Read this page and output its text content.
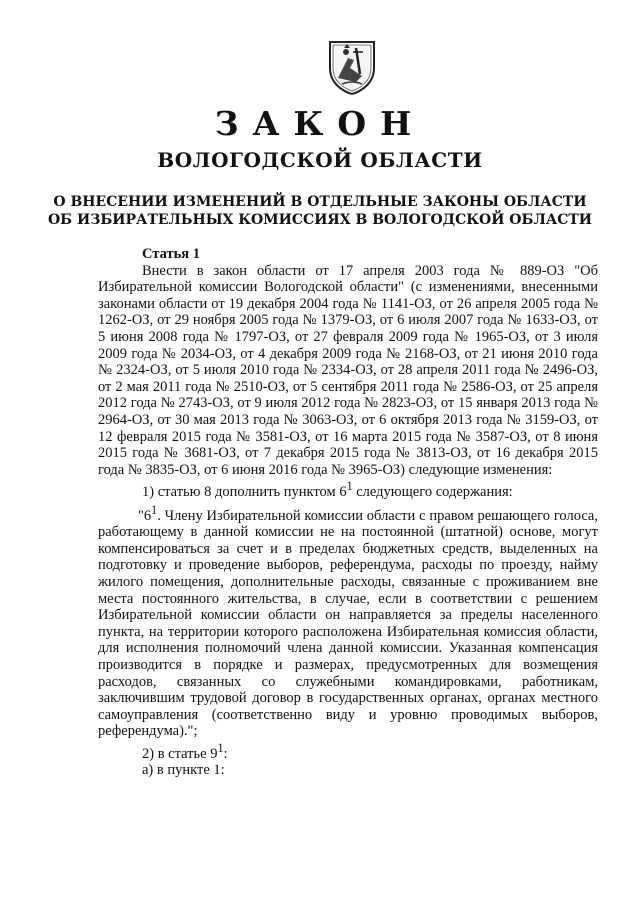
ЗАКОН
ВОЛОГОДСКОЙ ОБЛАСТИ
О ВНЕСЕНИИ ИЗМЕНЕНИЙ В ОТДЕЛЬНЫЕ ЗАКОНЫ ОБЛАСТИ
ОБ ИЗБИРАТЕЛЬНЫХ КОМИССИЯХ В ВОЛОГОДСКОЙ ОБЛАСТИ
Статья 1

Внести в закон области от 17 апреля 2003 года № 889-ОЗ "Об Избирательной комиссии Вологодской области" (с изменениями, внесенными законами области от 19 декабря 2004 года № 1141-ОЗ, от 26 апреля 2005 года № 1262-ОЗ, от 29 ноября 2005 года № 1379-ОЗ, от 6 июля 2007 года № 1633-ОЗ, от 5 июня 2008 года № 1797-ОЗ, от 27 февраля 2009 года № 1965-ОЗ, от 3 июля 2009 года № 2034-ОЗ, от 4 декабря 2009 года № 2168-ОЗ, от 21 июня 2010 года № 2324-ОЗ, от 5 июля 2010 года № 2334-ОЗ, от 28 апреля 2011 года № 2496-ОЗ, от 2 мая 2011 года № 2510-ОЗ, от 5 сентября 2011 года № 2586-ОЗ, от 25 апреля 2012 года № 2743-ОЗ, от 9 июля 2012 года № 2823-ОЗ, от 15 января 2013 года № 2964-ОЗ, от 30 мая 2013 года № 3063-ОЗ, от 6 октября 2013 года № 3159-ОЗ, от 12 февраля 2015 года № 3581-ОЗ, от 16 марта 2015 года № 3587-ОЗ, от 8 июня 2015 года № 3681-ОЗ, от 7 декабря 2015 года № 3813-ОЗ, от 16 декабря 2015 года № 3835-ОЗ, от 6 июня 2016 года № 3965-ОЗ) следующие изменения:

1) статью 8 дополнить пунктом $6^1$ следующего содержания:

"$6^1$. Члену Избирательной комиссии области с правом решающего голоса, работающему в данной комиссии не на постоянной (штатной) основе, могут компенсироваться за счет и в пределах бюджетных средств, выделенных на подготовку и проведение выборов, референдума, расходы по проезду, найму жилого помещения, дополнительные расходы, связанные с проживанием вне места постоянного жительства, в случае, если в соответствии с решением Избирательной комиссии области он направляется за пределы населенного пункта, на территории которого расположена Избирательная комиссия области, для исполнения полномочий члена данной комиссии. Указанная компенсация производится в порядке и размерах, предусмотренных для возмещения расходов, связанных со служебными командировками, работникам, заключившим трудовой договор в государственных органах, органах местного самоуправления (соответственно виду и уровню проводимых выборов, референдума).";

2) в статье $9^1$:

а) в пункте 1:
